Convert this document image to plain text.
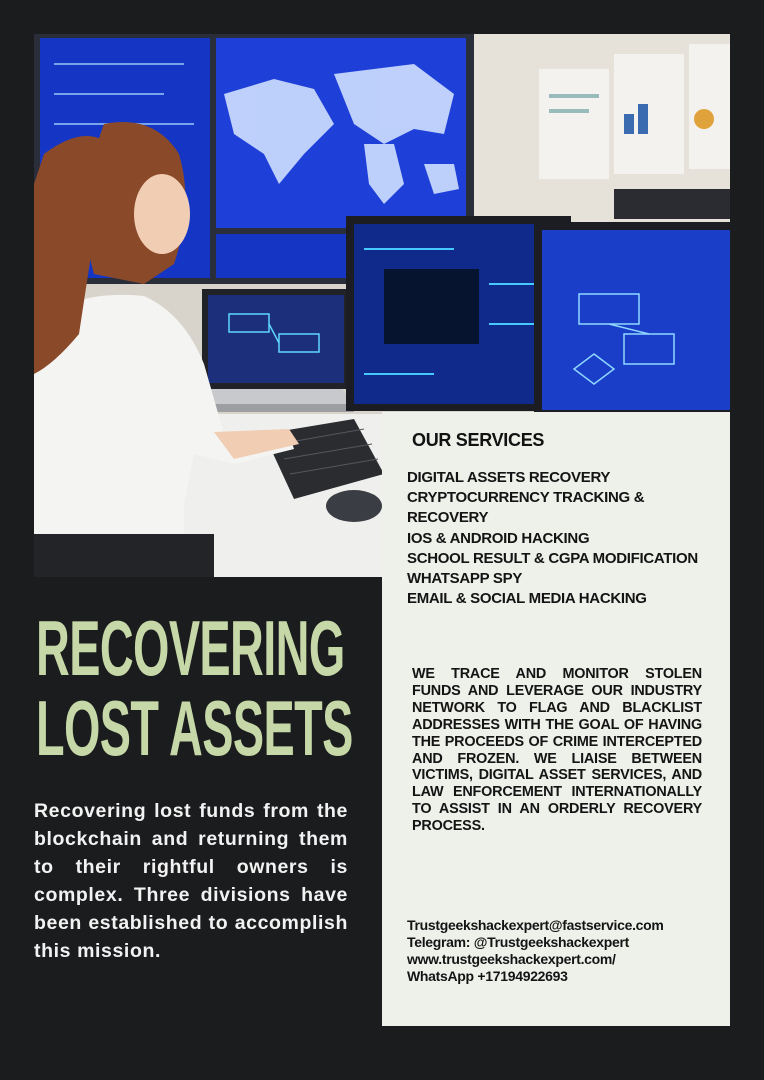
OUR SERVICES
DIGITAL ASSETS RECOVERY
CRYPTOCURRENCY TRACKING & RECOVERY
IOS & ANDROID HACKING
SCHOOL RESULT & CGPA MODIFICATION
WHATSAPP SPY
EMAIL & SOCIAL MEDIA HACKING

WE TRACE AND MONITOR STOLEN FUNDS AND LEVERAGE OUR INDUSTRY NETWORK TO FLAG AND BLACKLIST ADDRESSES WITH THE GOAL OF HAVING THE PROCEEDS OF CRIME INTERCEPTED AND FROZEN. WE LIAISE BETWEEN VICTIMS, DIGITAL ASSET SERVICES, AND LAW ENFORCEMENT INTERNATIONALLY TO ASSIST IN AN ORDERLY RECOVERY PROCESS.

Trustgeekshackexpert@fastservice.com
Telegram: @Trustgeekshackexpert
www.trustgeekshackexpert.com/
WhatsApp +17194922693
RECOVERING
LOST ASSETS

Recovering lost funds from the blockchain and returning them to their rightful owners is complex. Three divisions have been established to accomplish this mission.
